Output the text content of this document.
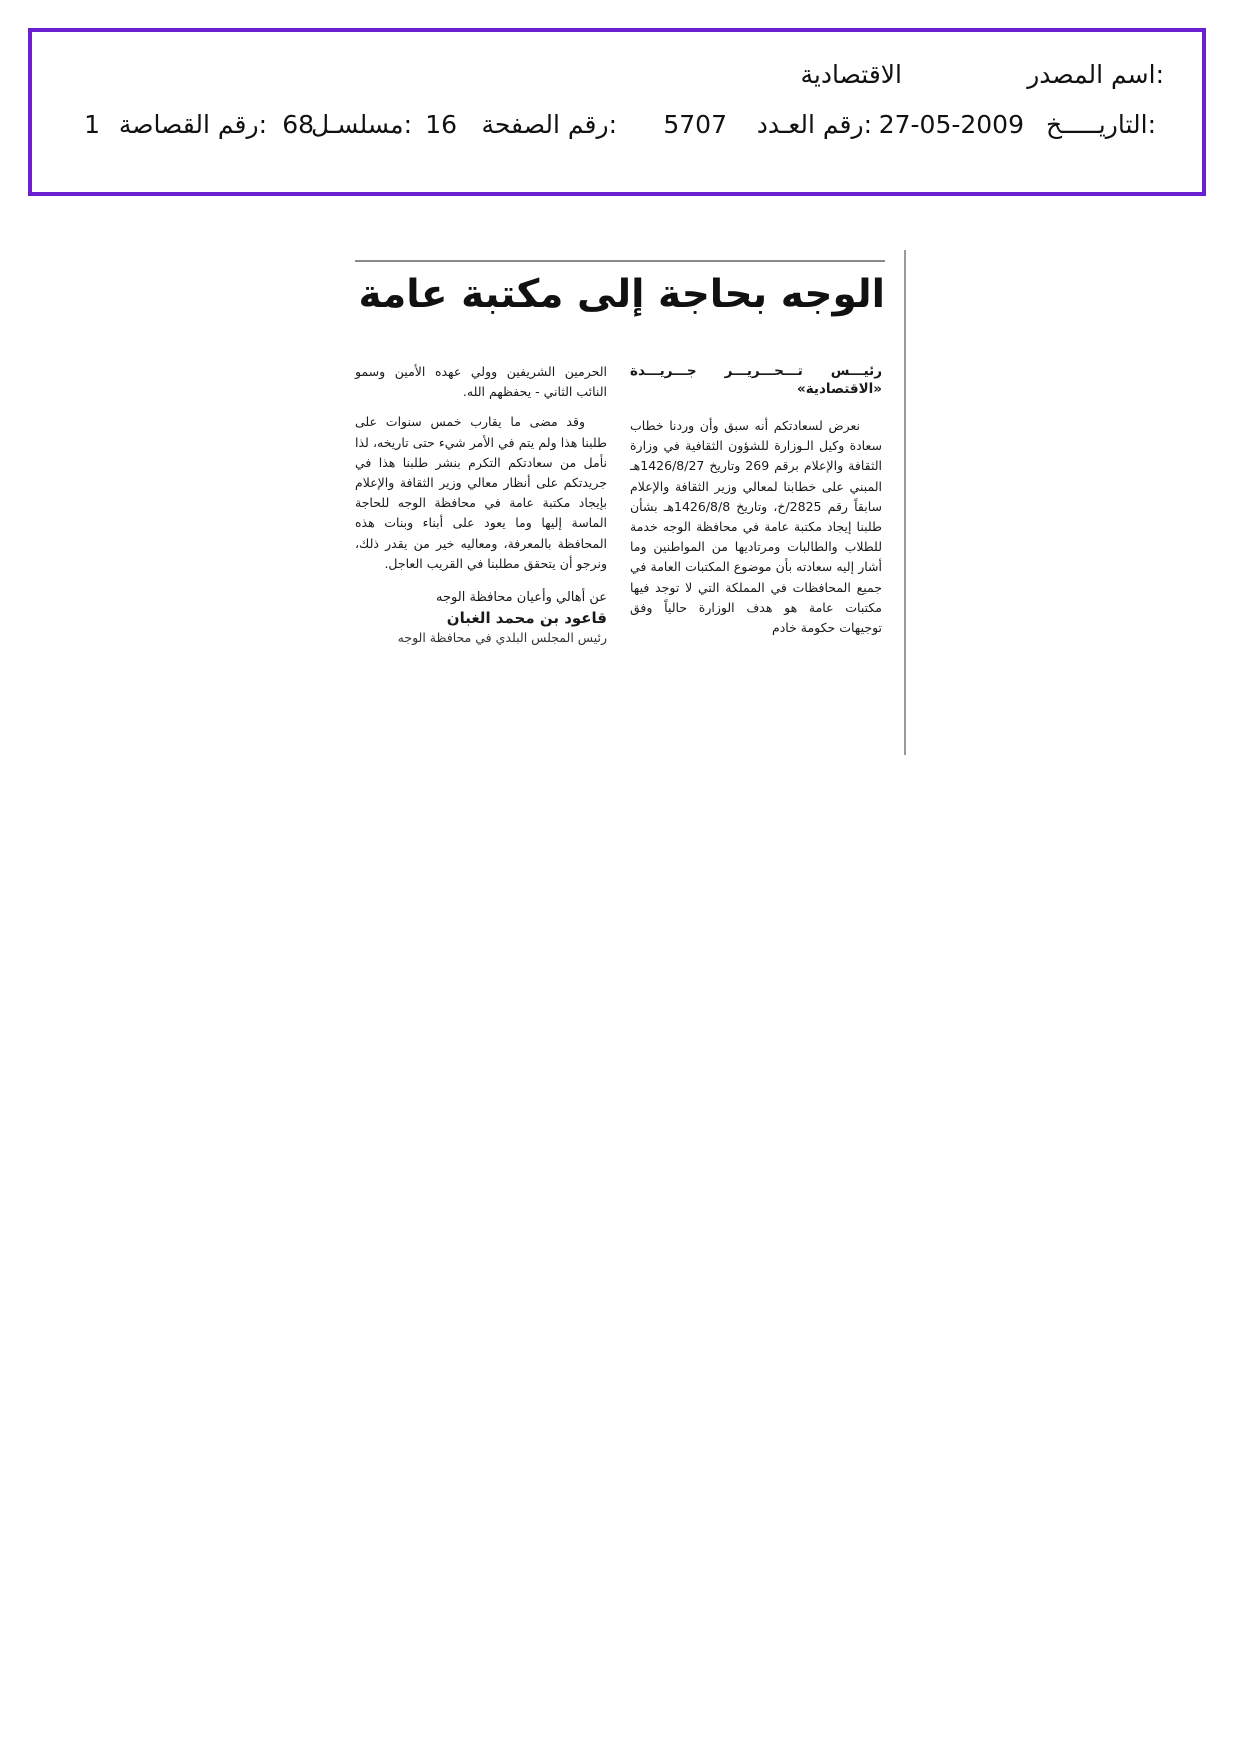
اسم المصدر:
الاقتصادية
التاريـــــخ:
27-05-2009
رقم العـدد:
5707
رقم الصفحة:
16
مسلسـل:
68
رقم القصاصة:
1
الوجه بحاجة إلى مكتبة عامة

رئيـــس تـــحـــريـــر جـــريـــدة «الاقتصادية»

نعرض لسعادتكم أنه سبق وأن وردنا خطاب سعادة وكيل الـوزارة للشؤون الثقافية في وزارة الثقافة والإعلام برقم 269 وتاريخ 1426/8/27هـ المبني على خطابنا لمعالي وزير الثقافة والإعلام سابقاً رقم 2825/خ، وتاريخ 1426/8/8هـ بشأن طلبنا إيجاد مكتبة عامة في محافظة الوجه خدمة للطلاب والطالبات ومرتاديها من المواطنين وما أشار إليه سعادته بأن موضوع المكتبات العامة في جميع المحافظات في المملكة التي لا توجد فيها مكتبات عامة هو هدف الوزارة حالياً وفق توجيهات حكومة خادم

الحرمين الشريفين وولي عهده الأمين وسمو النائب الثاني - يحفظهم الله.

وقد مضى ما يقارب خمس سنوات على طلبنا هذا ولم يتم في الأمر شيء حتى تاريخه، لذا نأمل من سعادتكم التكرم بنشر طلبنا هذا في جريدتكم على أنظار معالي وزير الثقافة والإعلام بإيجاد مكتبة عامة في محافظة الوجه للحاجة الماسة إليها وما يعود على أبناء وبنات هذه المحافظة بالمعرفة، ومعاليه خير من يقدر ذلك، ونرجو أن يتحقق مطلبنا في القريب العاجل.

عن أهالي وأعيان محافظة الوجه
قاعود بن محمد الغبان
رئيس المجلس البلدي في محافظة الوجه
